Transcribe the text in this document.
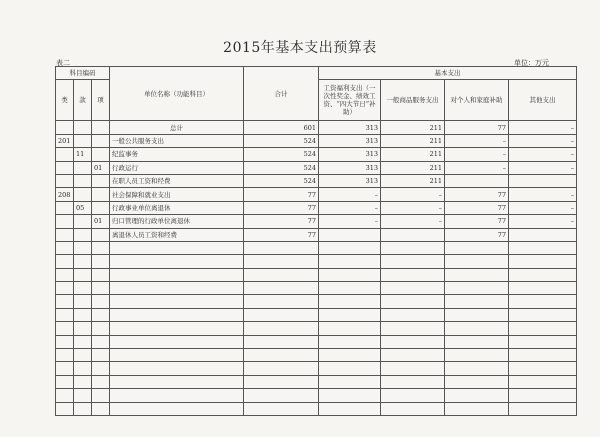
2015年基本支出预算表
表二	单位：万元
科目编码			单位名称（功能科目）	合计	基本支出			
类	款	项			工资福利支出（一次性奖金、绩效工资、“四大节日”补助）	一般商品服务支出	对个人和家庭补助	其他支出

			总计	601	313	211	77	–
201			一般公共服务支出	524	313	211	–	–
	11		纪监事务	524	313	211	–	–
		01	行政运行	524	313	211	–	–
			在职人员工资和经费	524	313	211		
208			社会保障和就业支出	77	–	–	77	–
	05		行政事业单位离退休	77	–	–	77	–
		01	归口管理的行政单位离退休	77	–	–	77	–
			离退休人员工资和经费	77			77	
